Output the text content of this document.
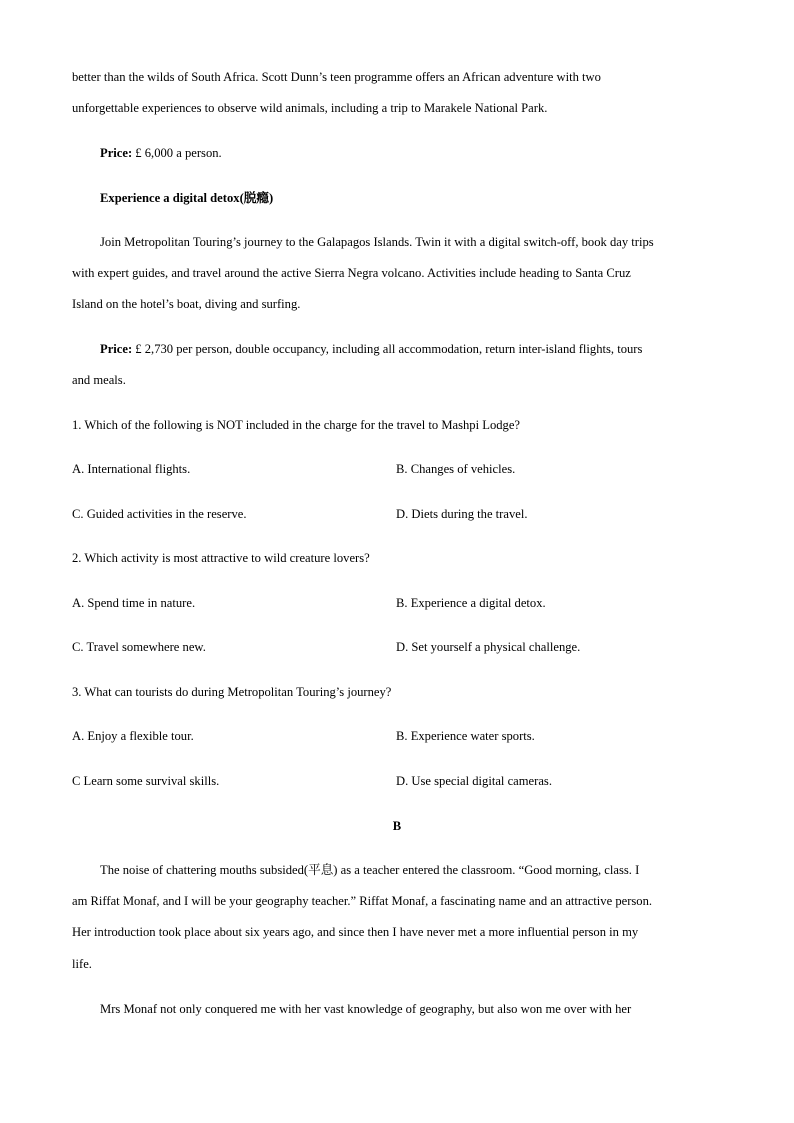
better than the wilds of South Africa. Scott Dunn’s teen programme offers an African adventure with two
unforgettable experiences to observe wild animals, including a trip to Marakele National Park.
Price: £ 6,000 a person.
Experience a digital detox(脱瘾)
Join Metropolitan Touring’s journey to the Galapagos Islands. Twin it with a digital switch-off, book day trips
with expert guides, and travel around the active Sierra Negra volcano. Activities include heading to Santa Cruz
Island on the hotel’s boat, diving and surfing.
Price: £ 2,730 per person, double occupancy, including all accommodation, return inter-island flights, tours
and meals.
1. Which of the following is NOT included in the charge for the travel to Mashpi Lodge?
A. International flights.	B. Changes of vehicles.
C. Guided activities in the reserve.	D. Diets during the travel.
2. Which activity is most attractive to wild creature lovers?
A. Spend time in nature.	B. Experience a digital detox.
C. Travel somewhere new.	D. Set yourself a physical challenge.
3. What can tourists do during Metropolitan Touring’s journey?
A. Enjoy a flexible tour.	B. Experience water sports.
C Learn some survival skills.	D. Use special digital cameras.
B
The noise of chattering mouths subsided(平息) as a teacher entered the classroom. “Good morning, class. I
am Riffat Monaf, and I will be your geography teacher.” Riffat Monaf, a fascinating name and an attractive person.
Her introduction took place about six years ago, and since then I have never met a more influential person in my
life.
Mrs Monaf not only conquered me with her vast knowledge of geography, but also won me over with her
